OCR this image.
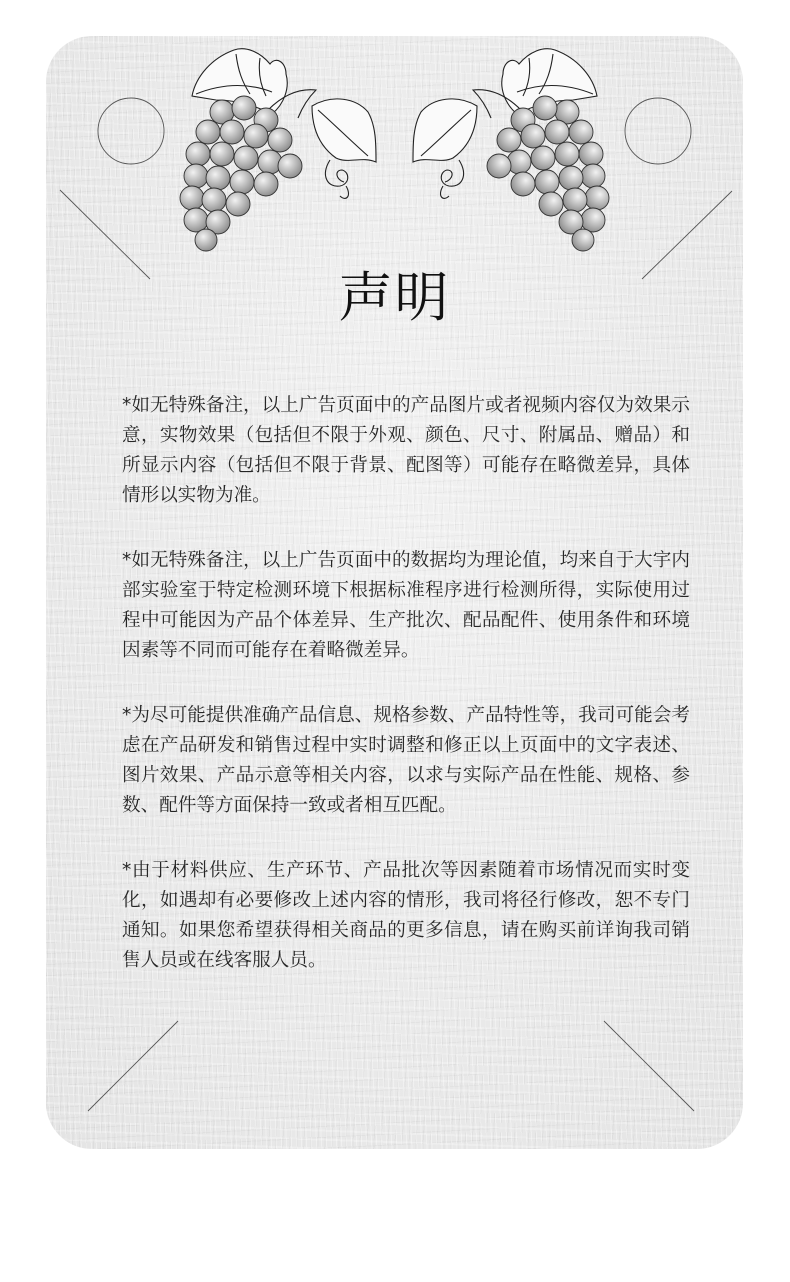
声明

*如无特殊备注，以上广告页面中的产品图片或者视频内容仅为效果示意，实物效果（包括但不限于外观、颜色、尺寸、附属品、赠品）和所显示内容（包括但不限于背景、配图等）可能存在略微差异，具体情形以实物为准。

*如无特殊备注，以上广告页面中的数据均为理论值，均来自于大宇内部实验室于特定检测环境下根据标准程序进行检测所得，实际使用过程中可能因为产品个体差异、生产批次、配品配件、使用条件和环境因素等不同而可能存在着略微差异。

*为尽可能提供准确产品信息、规格参数、产品特性等，我司可能会考虑在产品研发和销售过程中实时调整和修正以上页面中的文字表述、图片效果、产品示意等相关内容，以求与实际产品在性能、规格、参数、配件等方面保持一致或者相互匹配。

*由于材料供应、生产环节、产品批次等因素随着市场情况而实时变化，如遇却有必要修改上述内容的情形，我司将径行修改，恕不专门通知。如果您希望获得相关商品的更多信息，请在购买前详询我司销售人员或在线客服人员。
